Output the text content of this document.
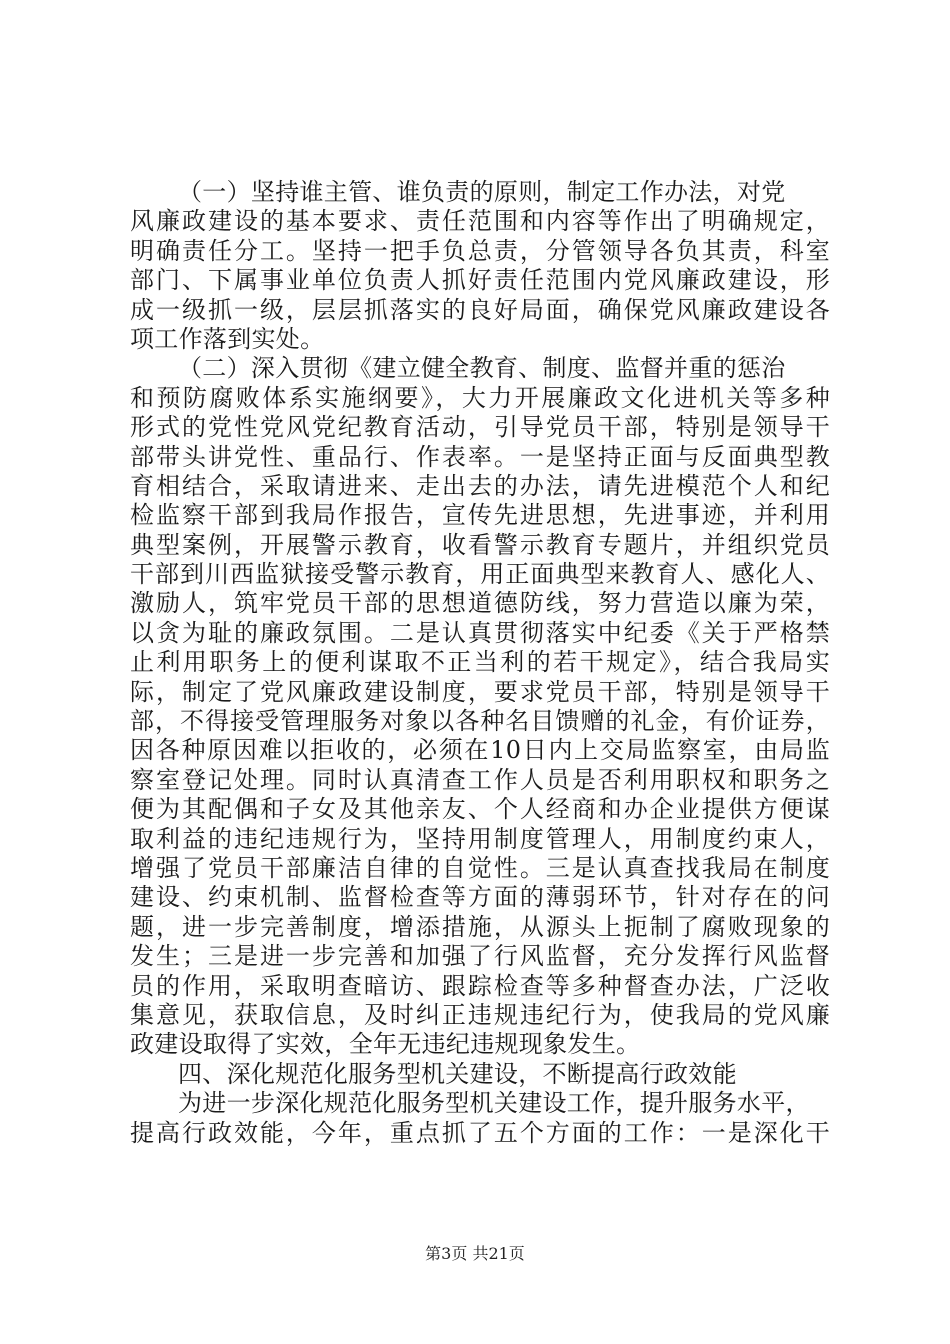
（一）坚持谁主管、谁负责的原则，制定工作办法，对党
风廉政建设的基本要求、责任范围和内容等作出了明确规定，
明确责任分工。坚持一把手负总责，分管领导各负其责，科室
部门、下属事业单位负责人抓好责任范围内党风廉政建设，形
成一级抓一级，层层抓落实的良好局面，确保党风廉政建设各
项工作落到实处。
（二）深入贯彻《建立健全教育、制度、监督并重的惩治
和预防腐败体系实施纲要》，大力开展廉政文化进机关等多种
形式的党性党风党纪教育活动，引导党员干部，特别是领导干
部带头讲党性、重品行、作表率。一是坚持正面与反面典型教
育相结合，采取请进来、走出去的办法，请先进模范个人和纪
检监察干部到我局作报告，宣传先进思想，先进事迹，并利用
典型案例，开展警示教育，收看警示教育专题片，并组织党员
干部到川西监狱接受警示教育，用正面典型来教育人、感化人、
激励人，筑牢党员干部的思想道德防线，努力营造以廉为荣，
以贪为耻的廉政氛围。二是认真贯彻落实中纪委《关于严格禁
止利用职务上的便利谋取不正当利的若干规定》，结合我局实
际，制定了党风廉政建设制度，要求党员干部，特别是领导干
部，不得接受管理服务对象以各种名目馈赠的礼金，有价证券，
因各种原因难以拒收的，必须在10日内上交局监察室，由局监
察室登记处理。同时认真清查工作人员是否利用职权和职务之
便为其配偶和子女及其他亲友、个人经商和办企业提供方便谋
取利益的违纪违规行为，坚持用制度管理人，用制度约束人，
增强了党员干部廉洁自律的自觉性。三是认真查找我局在制度
建设、约束机制、监督检查等方面的薄弱环节，针对存在的问
题，进一步完善制度，增添措施，从源头上扼制了腐败现象的
发生；三是进一步完善和加强了行风监督，充分发挥行风监督
员的作用，采取明查暗访、跟踪检查等多种督查办法，广泛收
集意见，获取信息，及时纠正违规违纪行为，使我局的党风廉
政建设取得了实效，全年无违纪违规现象发生。
四、深化规范化服务型机关建设，不断提高行政效能
为进一步深化规范化服务型机关建设工作，提升服务水平，
提高行政效能，今年，重点抓了五个方面的工作：一是深化干
第3页 共21页
